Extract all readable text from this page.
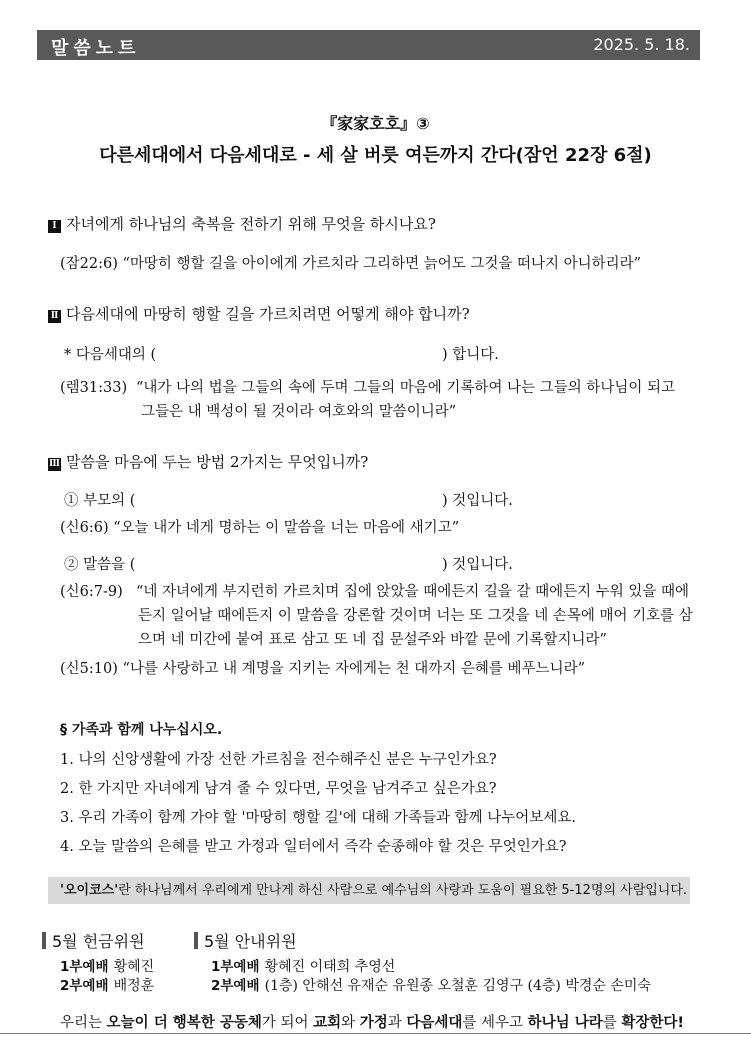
말씀노트	2025. 5. 18.
『家家호호』③
다른세대에서 다음세대로 - 세 살 버릇 여든까지 간다(잠언 22장 6절)
Ⅰ 자녀에게 하나님의 축복을 전하기 위해 무엇을 하시나요?
(잠22:6) “마땅히 행할 길을 아이에게 가르치라 그리하면 늙어도 그것을 떠나지 아니하리라”
Ⅱ 다음세대에 마땅히 행할 길을 가르치려면 어떻게 해야 합니까?
* 다음세대의 (	) 합니다.
(렘31:33) “내가 나의 법을 그들의 속에 두며 그들의 마음에 기록하여 나는 그들의 하나님이 되고
그들은 내 백성이 될 것이라 여호와의 말씀이니라”
Ⅲ 말씀을 마음에 두는 방법 2가지는 무엇입니까?
① 부모의 (	) 것입니다.
(신6:6) “오늘 내가 네게 명하는 이 말씀을 너는 마음에 새기고”
② 말씀을 (	) 것입니다.
(신6:7-9) “네 자녀에게 부지런히 가르치며 집에 앉았을 때에든지 길을 갈 때에든지 누워 있을 때에
든지 일어날 때에든지 이 말씀을 강론할 것이며 너는 또 그것을 네 손목에 매어 기호를 삼
으며 네 미간에 붙여 표로 삼고 또 네 집 문설주와 바깥 문에 기록할지니라”
(신5:10) “나를 사랑하고 내 계명을 지키는 자에게는 천 대까지 은혜를 베푸느니라”
§ 가족과 함께 나누십시오.
1. 나의 신앙생활에 가장 선한 가르침을 전수해주신 분은 누구인가요?
2. 한 가지만 자녀에게 남겨 줄 수 있다면, 무엇을 남겨주고 싶은가요?
3. 우리 가족이 함께 가야 할 '마땅히 행할 길'에 대해 가족들과 함께 나누어보세요.
4. 오늘 말씀의 은혜를 받고 가정과 일터에서 즉각 순종해야 할 것은 무엇인가요?
'오이코스'란 하나님께서 우리에게 만나게 하신 사람으로 예수님의 사랑과 도움이 필요한 5-12명의 사람입니다.
5월 헌금위원
1부예배 황혜진
2부예배 배정훈
5월 안내위원
1부예배 황혜진 이태희 추영선
2부예배 (1층) 안해선 유재순 유원종 오철훈 김영구 (4층) 박경순 손미숙
우리는 오늘이 더 행복한 공동체가 되어 교회와 가정과 다음세대를 세우고 하나님 나라를 확장한다!
